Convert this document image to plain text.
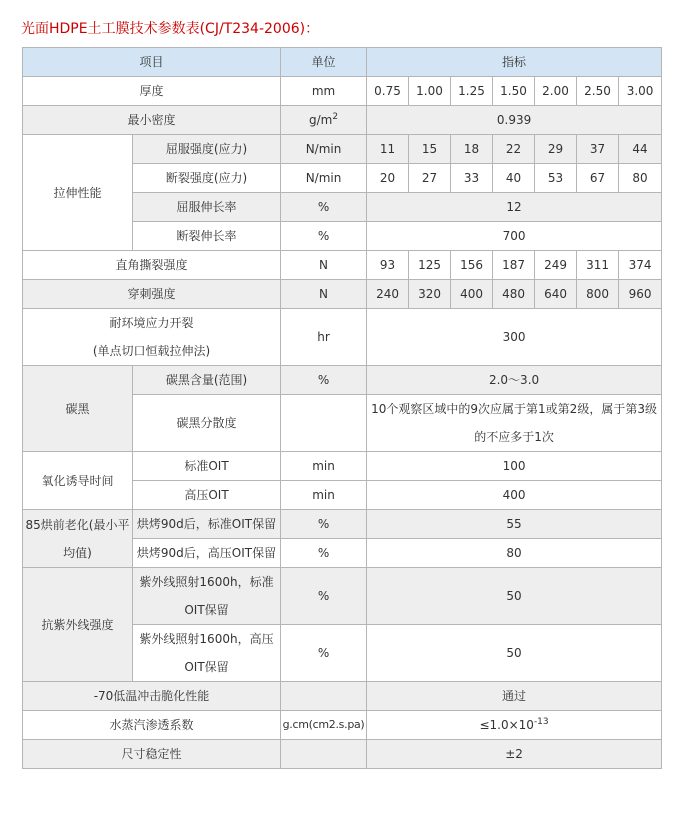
光面HDPE土工膜技术参数表(CJ/T234-2006)：
项目		单位	指标						
厚度		mm	0.75	1.00	1.25	1.50	2.00	2.50	3.00
最小密度		$g/m^2$	0.939						
拉伸性能	屈服强度(应力)	N/min	11	15	18	22	29	37	44
	断裂强度(应力)	N/min	20	27	33	40	53	67	80
	屈服伸长率	%	12						
	断裂伸长率	%	700						
直角撕裂强度		N	93	125	156	187	249	311	374
穿刺强度		N	240	320	400	480	640	800	960

耐环境应力开裂
(单点切口恒载拉伸法)		hr	300						
碳黑	碳黑含量(范围)	%	2.0～3.0						
	碳黑分散度		10个观察区域中的9次应属于第1或第2级，属于第3级
的不应多于1次						

氧化诱导时间	标准OIT	min	100						
	高压OIT	min	400						

85烘前老化(最小平
均值)	烘烤90d后，标准OIT保留	%	55						
	烘烤90d后，高压OIT保留	%	80						
抗紫外线强度	紫外线照射1600h，标准
OIT保留	%	50						

	紫外线照射1600h，高压
OIT保留	%	50						
-70低温冲击脆化性能			通过						
水蒸汽渗透系数		g.cm(cm2.s.pa)	$\le 1.0\times 10^{-13}$
尺寸稳定性			±2						
